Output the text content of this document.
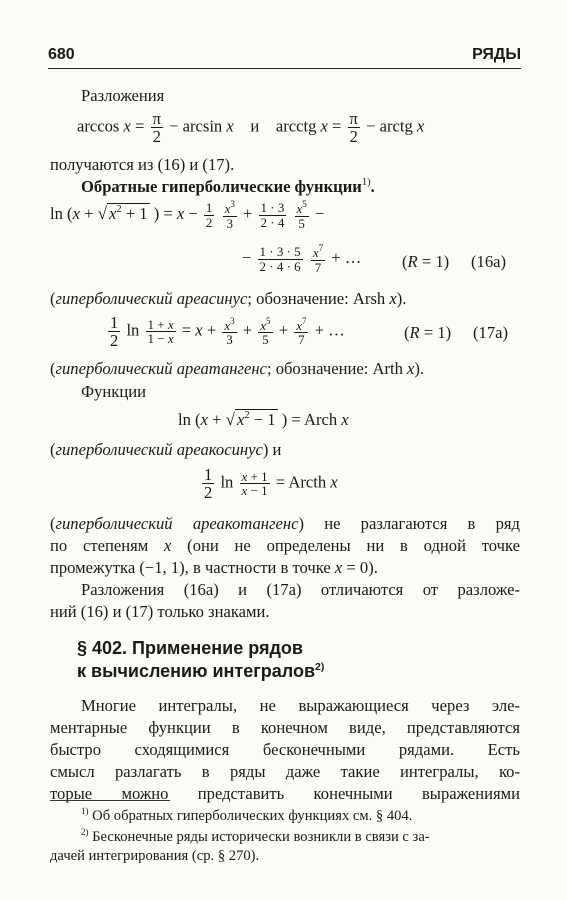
680	РЯДЫ
Разложения
$\arccos x = \frac{\pi}{2} - \arcsin x$    и    arcctg $x = \frac{\pi}{2}$ − arctg x
получаются из (16) и (17).
Обратные гиперболические функции$^{1)}$.
ln (x + √ $x^2 + 1$ ) = $x - \frac{1}{2}$
$\frac{x^3}{3} + \frac{1 \cdot 3}{2 \cdot 4}$
$\frac{x^5}{5}$ −
− $\frac{1 \cdot 3 \cdot 5}{2 \cdot 4 \cdot 6}$
$\frac{x^7}{7}$ + … (R = 1) (16a)
(гиперболический ареасинус; обозначение: Arsh x).
$\frac{1}{2}$ $\ln \frac{1 + x}{1 - x} = x + \frac{x^3}{3} + \frac{x^5}{5} + \frac{x^7}{7}$ + …	(R = 1) (17a)
(гиперболический ареатангенс; обозначение: Arth x).
Функции
ln (x + √ $x^2 - 1$ ) = Arch x
(гиперболический ареакосинус) и
$\frac{1}{2}$ $\ln \frac{x + 1}{x - 1}$ = Arcth x
(гиперболический ареакотангенс) не разлагаются в ряд
по степеням x (они не определены ни в одной точке
промежутка (−1, 1), в частности в точке x = 0).
Разложения (16а) и (17а) отличаются от разложе-
ний (16) и (17) только знаками.
§ 402. Применение рядов
к вычислению интегралов$^{2)}$
Многие интегралы, не выражающиеся через эле-
ментарные функции в конечном виде, представляются
быстро сходящимися бесконечными рядами. Есть
смысл разлагать в ряды даже такие интегралы, ко-
торые можно представить конечными выражениями
$^{1)}$ Об обратных гиперболических функциях см. § 404.
$^{2)}$ Бесконечные ряды исторически возникли в связи с за-
дачей интегрирования (ср. § 270).
